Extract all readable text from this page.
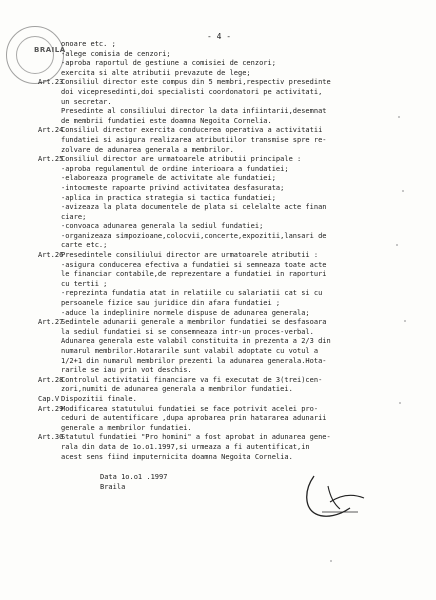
BRAILA
- 4 -
onoare etc. ;
-alege comisia de cenzori;
-aproba raportul de gestiune a comisiei de cenzori;
exercita si alte atributii prevazute de lege;
Art.23
Consiliul director este compus din 5 membri,respectiv presedinte
doi vicepresedinti,doi specialisti coordonatori pe activitati,
un secretar.
Presedinte al consiliului director la data infiintarii,desemnat
de membrii fundatiei este doamna Negoita Cornelia.
Art.24
Consiliul director exercita conducerea operativa a activitatii
fundatiei si asigura realizarea atributiilor transmise spre re-
zolvare de adunarea generala a membrilor.
Art.25
Consiliul director are urmatoarele atributii principale :
-aproba regulamentul de ordine interioara a fundatiei;
-elaboreaza programele de activitate ale fundatiei;
-intocmeste rapoarte privind activitatea desfasurata;
-aplica in practica strategia si tactica fundatiei;
-avizeaza la plata documentele de plata si celelalte acte finan
ciare;
-convoaca adunarea generala la sediul fundatiei;
-organizeaza simpozioane,colocvii,concerte,expozitii,lansari de
carte etc.;
Art.26
Presedintele consiliului director are urmatoarele atributii :
-asigura conducerea efectiva a fundatiei si semneaza toate acte
le financiar contabile,de reprezentare a fundatiei in raporturi
cu tertii ;
-reprezinta fundatia atat in relatiile cu salariatii cat si cu
persoanele fizice sau juridice din afara fundatiei ;
-aduce la indeplinire normele dispuse de adunarea generala;
Art.27
Sedintele adunarii generale a membrilor fundatiei se desfasoara
la sediul fundatiei si se consemneaza intr-un proces-verbal.
Adunarea generala este valabil constituita in prezenta a 2/3 din
numarul membrilor.Hotararile sunt valabil adoptate cu votul a
1/2+1 din numarul membrilor prezenti la adunarea generala.Hota-
rarile se iau prin vot deschis.
Art.28
Controlul activitatii financiare va fi executat de 3(trei)cen-
zori,numiti de adunarea generala a membrilor fundatiei.
Cap.V Dispozitii finale.
Art.29
Modificarea statutului fundatiei se face potrivit acelei pro-
ceduri de autentificare ,dupa aprobarea prin hatararea adunarii
generale a membrilor fundatiei.
Art.30
Statutul fundatiei "Pro homini" a fost aprobat in adunarea gene-
rala din data de 1o.o1.1997,si urmeaza a fi autentificat,in
acest sens fiind imputernicita doamna Negoita Cornelia.
Data 1o.o1 .1997
Braila
